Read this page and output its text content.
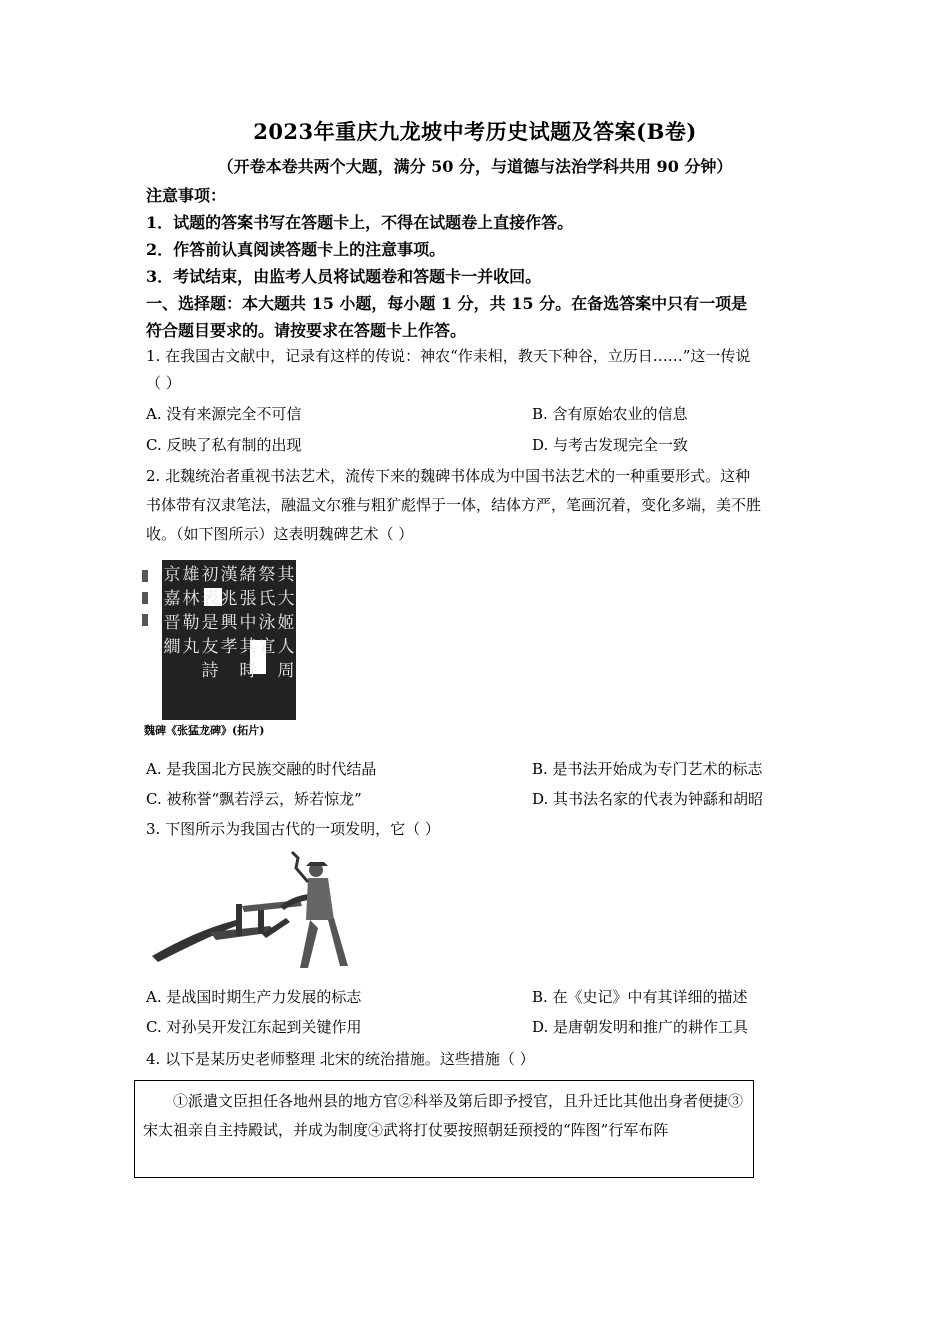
2023年重庆九龙坡中考历史试题及答案(B卷)
（开卷本卷共两个大题，满分 50 分，与道德与法治学科共用 90 分钟）
注意事项：
1．试题的答案书写在答题卡上，不得在试题卷上直接作答。
2．作答前认真阅读答题卡上的注意事项。
3．考试结束，由监考人员将试题卷和答题卡一并收回。
一、选择题：本大题共 15 小题，每小题 1 分，共 15 分。在备选答案中只有一项是
符合题目要求的。请按要求在答题卡上作答。
1. 在我国古文献中，记录有这样的传说：神农“作耒相，教天下种谷，立历日……”这一传说
（ ）
A. 没有来源完全不可信	B. 含有原始农业的信息
C. 反映了私有制的出现	D. 与考古发现完全一致
2. 北魏统治者重视书法艺术，流传下来的魏碑书体成为中国书法艺术的一种重要形式。这种
书体带有汉隶笔法，融温文尔雅与粗犷彪悍于一体，结体方严，笔画沉着，变化多端，美不胜
收。（如下图所示）这表明魏碑艺术（ ）
其
大
姬
人
周
祭
氏
泳
宣
緒
張
中
其
時
漢
兆
興
孝
初
表
是
友
詩
雄
林
勒
丸
京
嘉
晋
繝
魏碑《张猛龙碑》(拓片)
A. 是我国北方民族交融的时代结晶	B. 是书法开始成为专门艺术的标志
C. 被称誉“飘若浮云，矫若惊龙”	D. 其书法名家的代表为钟繇和胡昭
3. 下图所示为我国古代的一项发明，它（ ）
A. 是战国时期生产力发展的标志	B. 在《史记》中有其详细的描述
C. 对孙吴开发江东起到关键作用	D. 是唐朝发明和推广的耕作工具
4. 以下是某历史老师整理 北宋的统治措施。这些措施（ ）
①派遣文臣担任各地州县的地方官②科举及第后即予授官，且升迁比其他出身者便捷③宋太祖亲自主持殿试，并成为制度④武将打仗要按照朝廷预授的“阵图”行军布阵
